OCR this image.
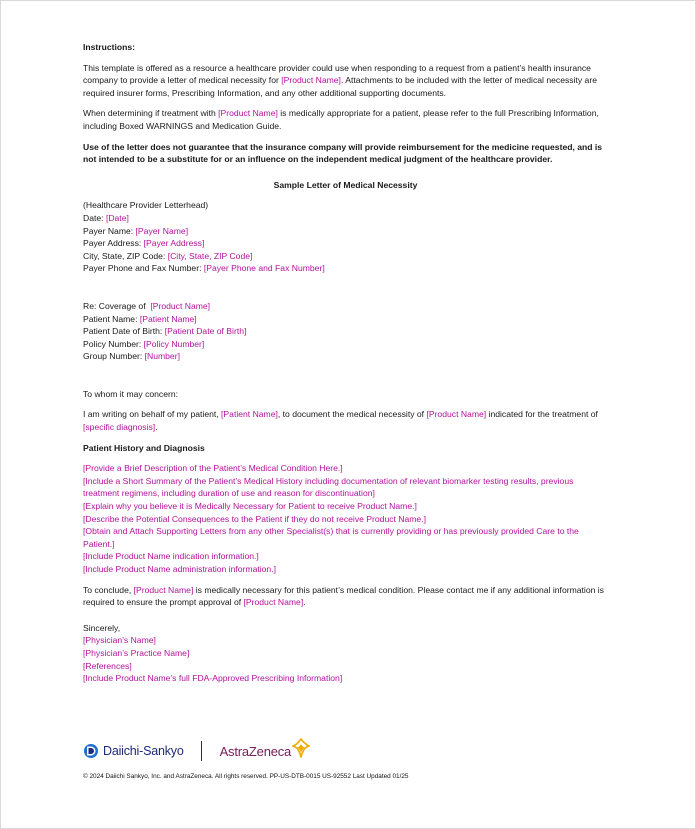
Instructions:

This template is offered as a resource a healthcare provider could use when responding to a request from a patient’s health insurance company to provide a letter of medical necessity for [Product Name]. Attachments to be included with the letter of medical necessity are required insurer forms, Prescribing Information, and any other additional supporting documents.

When determining if treatment with [Product Name] is medically appropriate for a patient, please refer to the full Prescribing Information, including Boxed WARNINGS and Medication Guide.

Use of the letter does not guarantee that the insurance company will provide reimbursement for the medicine requested, and is not intended to be a substitute for or an influence on the independent medical judgment of the healthcare provider.

Sample Letter of Medical Necessity

(Healthcare Provider Letterhead)

Date: [Date]

Payer Name: [Payer Name]

Payer Address: [Payer Address]

City, State, ZIP Code: [City, State, ZIP Code]

Payer Phone and Fax Number: [Payer Phone and Fax Number]

Re: Coverage of  [Product Name]

Patient Name: [Patient Name]

Patient Date of Birth: [Patient Date of Birth]

Policy Number: [Policy Number]

Group Number: [Number]

To whom it may concern:

I am writing on behalf of my patient, [Patient Name], to document the medical necessity of [Product Name] indicated for the treatment of [specific diagnosis].

Patient History and Diagnosis

[Provide a Brief Description of the Patient’s Medical Condition Here.]

[Include a Short Summary of the Patient’s Medical History including documentation of relevant biomarker testing results, previous treatment regimens, including duration of use and reason for discontinuation]

[Explain why you believe it is Medically Necessary for Patient to receive Product Name.]

[Describe the Potential Consequences to the Patient if they do not receive Product Name.]

[Obtain and Attach Supporting Letters from any other Specialist(s) that is currently providing or has previously provided Care to the Patient.]

[Include Product Name indication information.]

[Include Product Name administration information.]

To conclude, [Product Name] is medically necessary for this patient’s medical condition. Please contact me if any additional information is required to ensure the prompt approval of [Product Name].

Sincerely,

[Physician’s Name]

[Physician’s Practice Name]

[References]

[Include Product Name’s full FDA-Approved Prescribing Information]

Daiichi-Sankyo	AstraZeneca

© 2024 Daiichi Sankyo, Inc. and AstraZeneca. All rights reserved. PP-US-DTB-0015 US-92552 Last Updated 01/25
